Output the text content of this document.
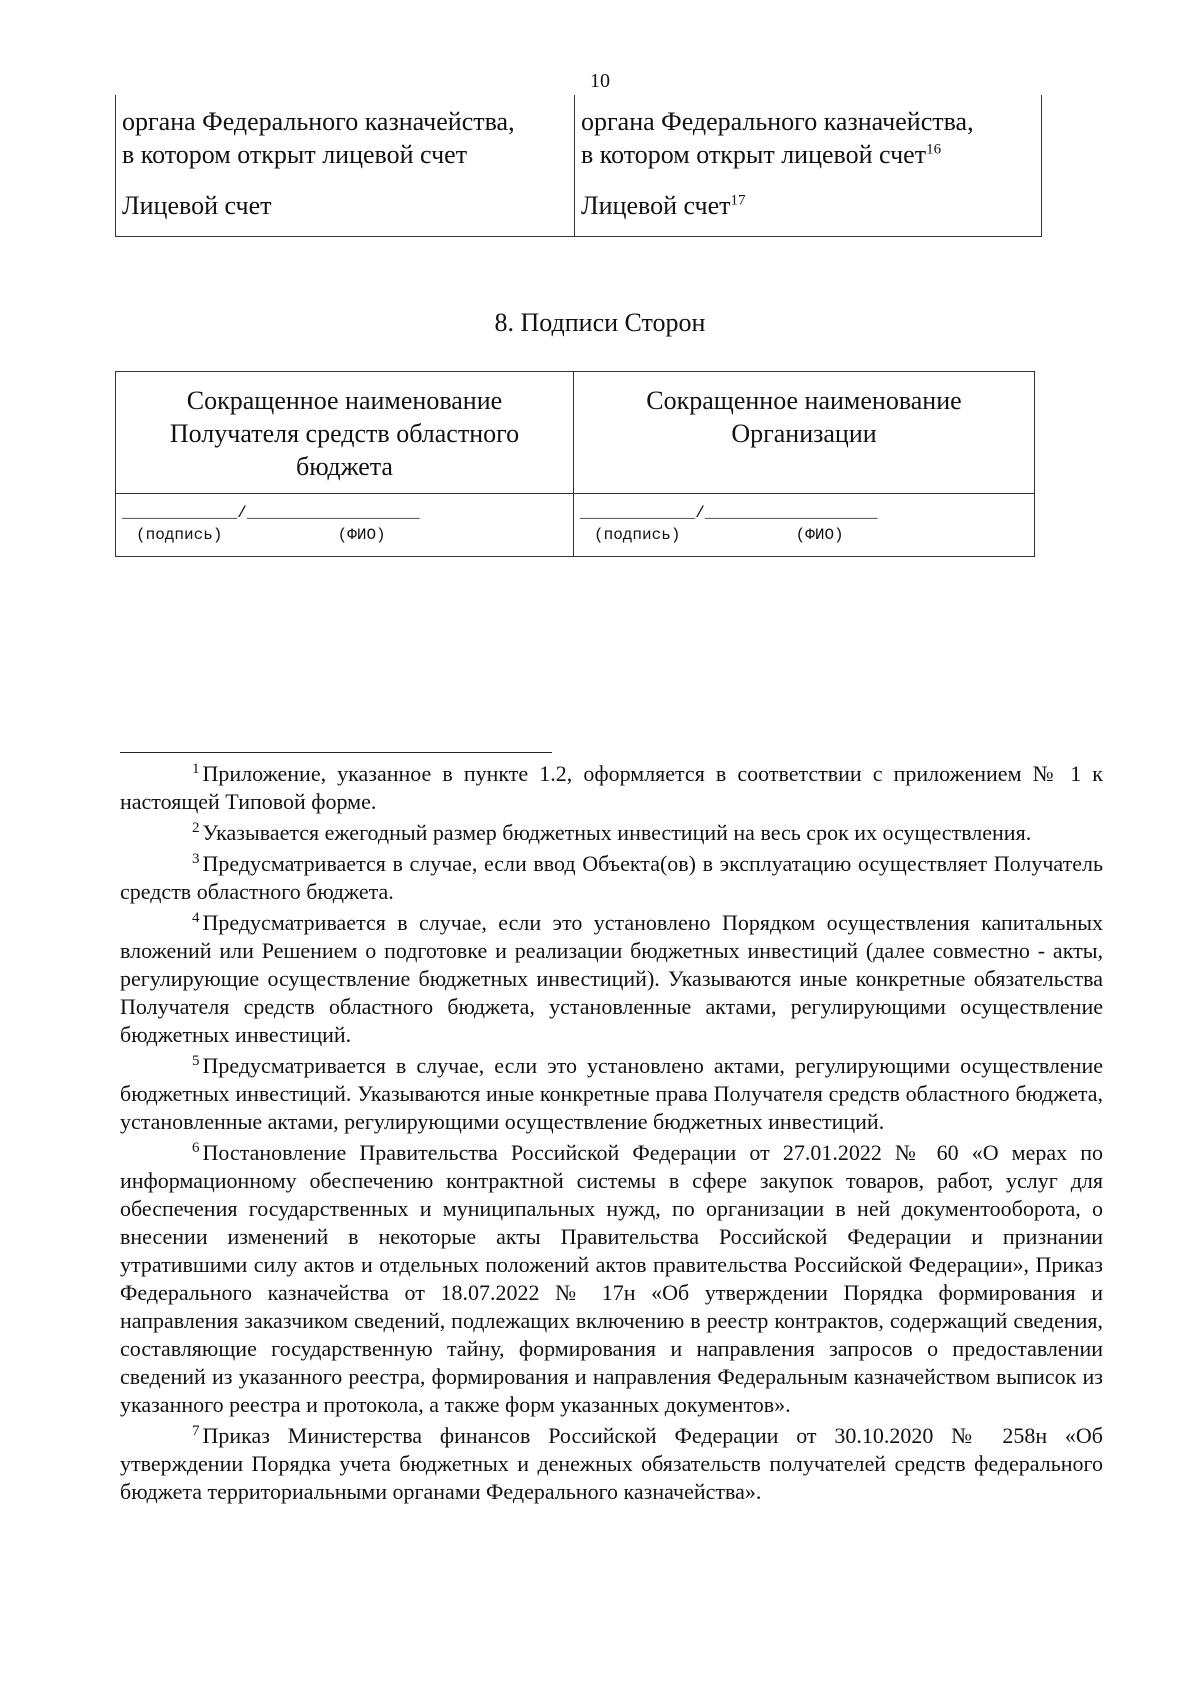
10
органа Федерального казначейства,
в котором открыт лицевой счет
Лицевой счет
органа Федерального казначейства,
в котором открыт лицевой счет$^{16}$
Лицевой счет$^{17}$
8. Подписи Сторон
Сокращенное наименование Получателя средств областного бюджета
Сокращенное наименование Организации
____________/__________________
(подпись)	(ФИО)
____________/__________________
(подпись)	(ФИО)

$^1$ Приложение, указанное в пункте 1.2, оформляется в соответствии с приложением № 1 к настоящей Типовой форме.

$^2$ Указывается ежегодный размер бюджетных инвестиций на весь срок их осуществления.

$^3$ Предусматривается в случае, если ввод Объекта(ов) в эксплуатацию осуществляет Получатель средств областного бюджета.

$^4$ Предусматривается в случае, если это установлено Порядком осуществления капитальных вложений или Решением о подготовке и реализации бюджетных инвестиций (далее совместно - акты, регулирующие осуществление бюджетных инвестиций). Указываются иные конкретные обязательства Получателя средств областного бюджета, установленные актами, регулирующими осуществление бюджетных инвестиций.

$^5$ Предусматривается в случае, если это установлено актами, регулирующими осуществление бюджетных инвестиций. Указываются иные конкретные права Получателя средств областного бюджета, установленные актами, регулирующими осуществление бюджетных инвестиций.

$^6$ Постановление Правительства Российской Федерации от 27.01.2022 № 60 «О мерах по информационному обеспечению контрактной системы в сфере закупок товаров, работ, услуг для обеспечения государственных и муниципальных нужд, по организации в ней документооборота, о внесении изменений в некоторые акты Правительства Российской Федерации и признании утратившими силу актов и отдельных положений актов правительства Российской Федерации», Приказ Федерального казначейства от 18.07.2022 № 17н «Об утверждении Порядка формирования и направления заказчиком сведений, подлежащих включению в реестр контрактов, содержащий сведения, составляющие государственную тайну, формирования и направления запросов о предоставлении сведений из указанного реестра, формирования и направления Федеральным казначейством выписок из указанного реестра и протокола, а также форм указанных документов».

$^7$ Приказ Министерства финансов Российской Федерации от 30.10.2020 № 258н «Об утверждении Порядка учета бюджетных и денежных обязательств получателей средств федерального бюджета территориальными органами Федерального казначейства».
